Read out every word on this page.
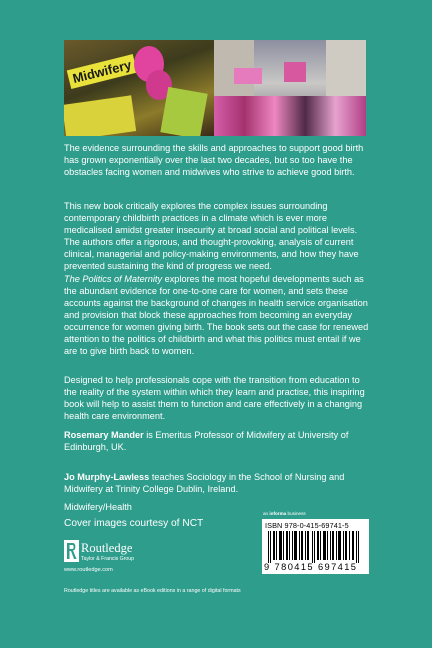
Midwifery

The evidence surrounding the skills and approaches to support good birth has grown exponentially over the last two decades, but so too have the obstacles facing women and midwives who strive to achieve good birth.

This new book critically explores the complex issues surrounding contemporary childbirth practices in a climate which is ever more medicalised amidst greater insecurity at broad social and political levels. The authors offer a rigorous, and thought-provoking, analysis of current clinical, managerial and policy-making environments, and how they have prevented sustaining the kind of progress we need.
The Politics of Maternity explores the most hopeful developments such as the abundant evidence for one-to-one care for women, and sets these accounts against the background of changes in health service organisation and provision that block these approaches from becoming an everyday occurrence for women giving birth. The book sets out the case for renewed attention to the politics of childbirth and what this politics must entail if we are to give birth back to women.

Designed to help professionals cope with the transition from education to the reality of the system within which they learn and practise, this inspiring book will help to assist them to function and care effectively in a changing health care environment.

Rosemary Mander is Emeritus Professor of Midwifery at University of Edinburgh, UK.

Jo Murphy-Lawless teaches Sociology in the School of Nursing and Midwifery at Trinity College Dublin, Ireland.

Midwifery/Health

Cover images courtesy of NCT

an informa business
ISBN 978-0-415-69741-5
9 780415 697415
Routledge
Taylor & Francis Group
www.routledge.com
Routledge titles are available as eBook editions in a range of digital formats
